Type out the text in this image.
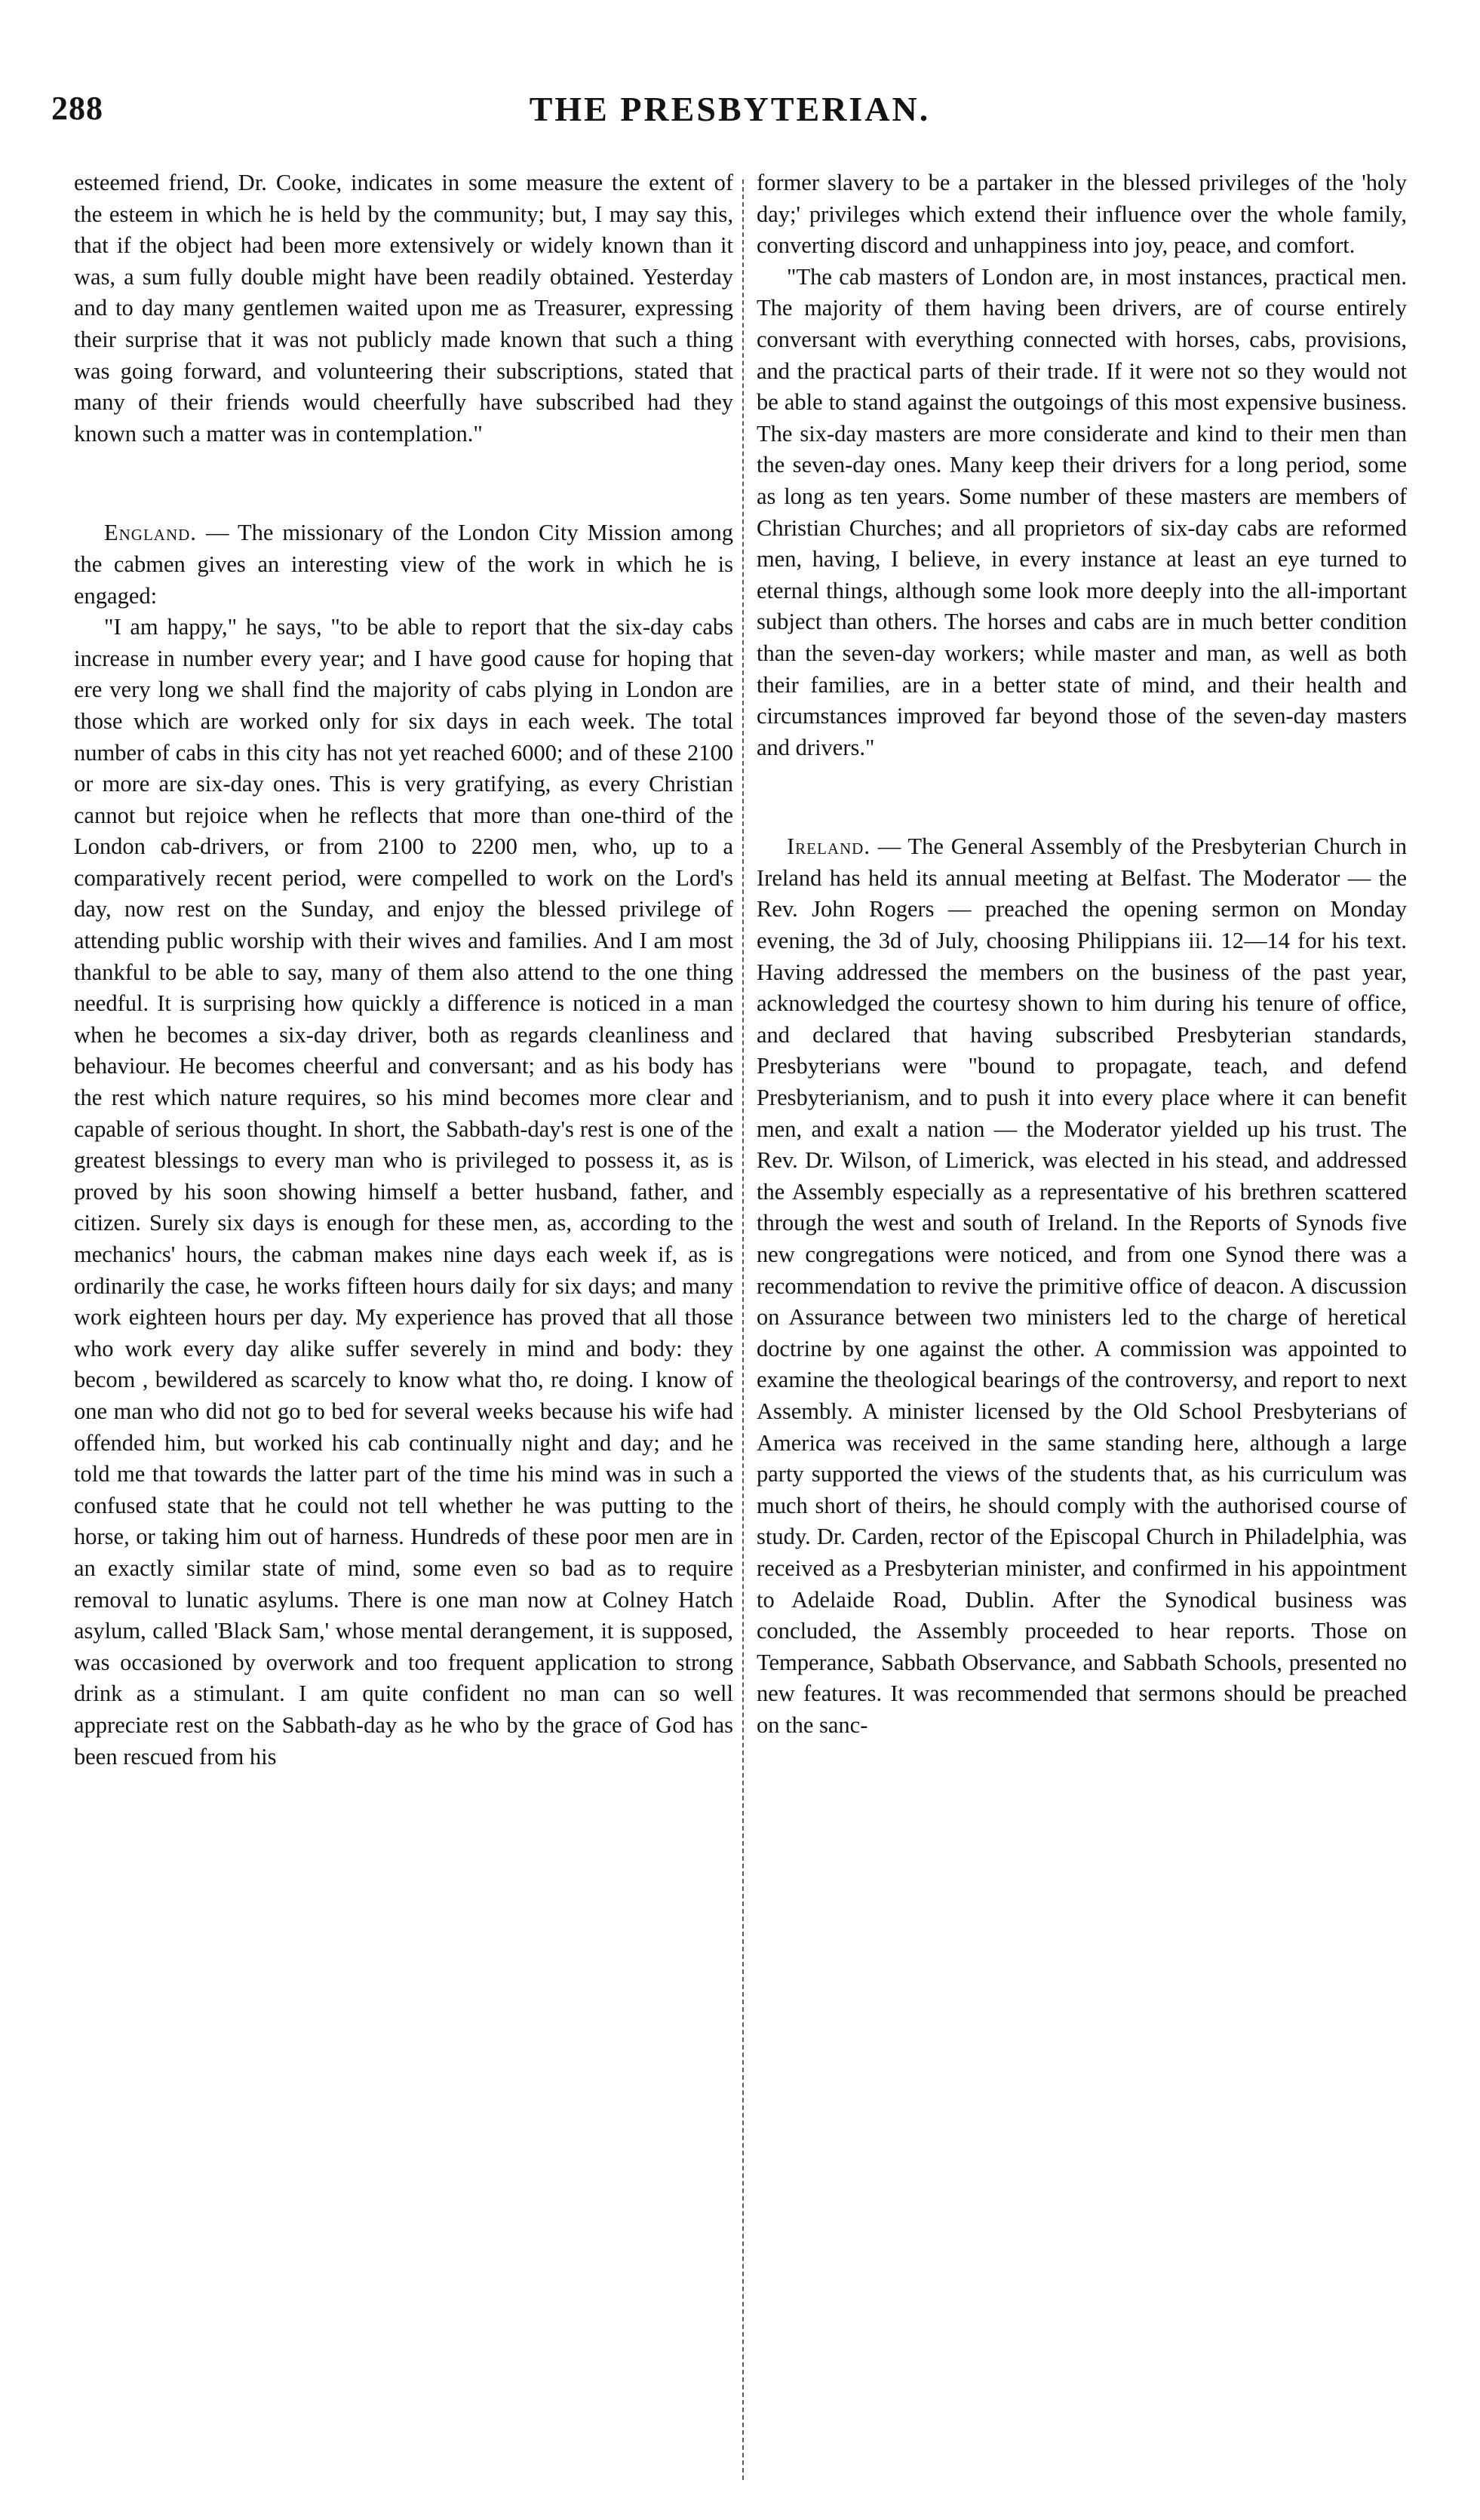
288	THE PRESBYTERIAN.

esteemed friend, Dr. Cooke, indicates in some measure the extent of the esteem in which he is held by the community; but, I may say this, that if the object had been more extensively or widely known than it was, a sum fully double might have been readily obtained. Yesterday and to day many gentlemen waited upon me as Treasurer, expressing their surprise that it was not publicly made known that such a thing was going forward, and volunteering their subscriptions, stated that many of their friends would cheerfully have subscribed had they known such a matter was in contemplation."

England. — The missionary of the London City Mission among the cabmen gives an interesting view of the work in which he is engaged:

"I am happy," he says, "to be able to report that the six-day cabs increase in number every year; and I have good cause for hoping that ere very long we shall find the majority of cabs plying in London are those which are worked only for six days in each week. The total number of cabs in this city has not yet reached 6000; and of these 2100 or more are six-day ones. This is very gratifying, as every Christian cannot but rejoice when he reflects that more than one-third of the London cab-drivers, or from 2100 to 2200 men, who, up to a comparatively recent period, were compelled to work on the Lord's day, now rest on the Sunday, and enjoy the blessed privilege of attending public worship with their wives and families. And I am most thankful to be able to say, many of them also attend to the one thing needful. It is surprising how quickly a difference is noticed in a man when he becomes a six-day driver, both as regards cleanliness and behaviour. He becomes cheerful and conversant; and as his body has the rest which nature requires, so his mind becomes more clear and capable of serious thought. In short, the Sabbath-day's rest is one of the greatest blessings to every man who is privileged to possess it, as is proved by his soon showing himself a better husband, father, and citizen. Surely six days is enough for these men, as, according to the mechanics' hours, the cabman makes nine days each week if, as is ordinarily the case, he works fifteen hours daily for six days; and many work eighteen hours per day. My experience has proved that all those who work every day alike suffer severely in mind and body: they becom , bewildered as scarcely to know what tho, re doing. I know of one man who did not go to bed for several weeks because his wife had offended him, but worked his cab continually night and day; and he told me that towards the latter part of the time his mind was in such a confused state that he could not tell whether he was putting to the horse, or taking him out of harness. Hundreds of these poor men are in an exactly similar state of mind, some even so bad as to require removal to lunatic asylums. There is one man now at Colney Hatch asylum, called 'Black Sam,' whose mental derangement, it is supposed, was occasioned by overwork and too frequent application to strong drink as a stimulant. I am quite confident no man can so well appreciate rest on the Sabbath-day as he who by the grace of God has been rescued from his

former slavery to be a partaker in the blessed privileges of the 'holy day;' privileges which extend their influence over the whole family, converting discord and unhappiness into joy, peace, and comfort.

"The cab masters of London are, in most instances, practical men. The majority of them having been drivers, are of course entirely conversant with everything connected with horses, cabs, provisions, and the practical parts of their trade. If it were not so they would not be able to stand against the outgoings of this most expensive business. The six-day masters are more considerate and kind to their men than the seven-day ones. Many keep their drivers for a long period, some as long as ten years. Some number of these masters are members of Christian Churches; and all proprietors of six-day cabs are reformed men, having, I believe, in every instance at least an eye turned to eternal things, although some look more deeply into the all-important subject than others. The horses and cabs are in much better condition than the seven-day workers; while master and man, as well as both their families, are in a better state of mind, and their health and circumstances improved far beyond those of the seven-day masters and drivers."

Ireland. — The General Assembly of the Presbyterian Church in Ireland has held its annual meeting at Belfast. The Moderator — the Rev. John Rogers — preached the opening sermon on Monday evening, the 3d of July, choosing Philippians iii. 12—14 for his text. Having addressed the members on the business of the past year, acknowledged the courtesy shown to him during his tenure of office, and declared that having subscribed Presbyterian standards, Presbyterians were "bound to propagate, teach, and defend Presbyterianism, and to push it into every place where it can benefit men, and exalt a nation — the Moderator yielded up his trust. The Rev. Dr. Wilson, of Limerick, was elected in his stead, and addressed the Assembly especially as a representative of his brethren scattered through the west and south of Ireland. In the Reports of Synods five new congregations were noticed, and from one Synod there was a recommendation to revive the primitive office of deacon. A discussion on Assurance between two ministers led to the charge of heretical doctrine by one against the other. A commission was appointed to examine the theological bearings of the controversy, and report to next Assembly. A minister licensed by the Old School Presbyterians of America was received in the same standing here, although a large party supported the views of the students that, as his curriculum was much short of theirs, he should comply with the authorised course of study. Dr. Carden, rector of the Episcopal Church in Philadelphia, was received as a Presbyterian minister, and confirmed in his appointment to Adelaide Road, Dublin. After the Synodical business was concluded, the Assembly proceeded to hear reports. Those on Temperance, Sabbath Observance, and Sabbath Schools, presented no new features. It was recommended that sermons should be preached on the sanc-
